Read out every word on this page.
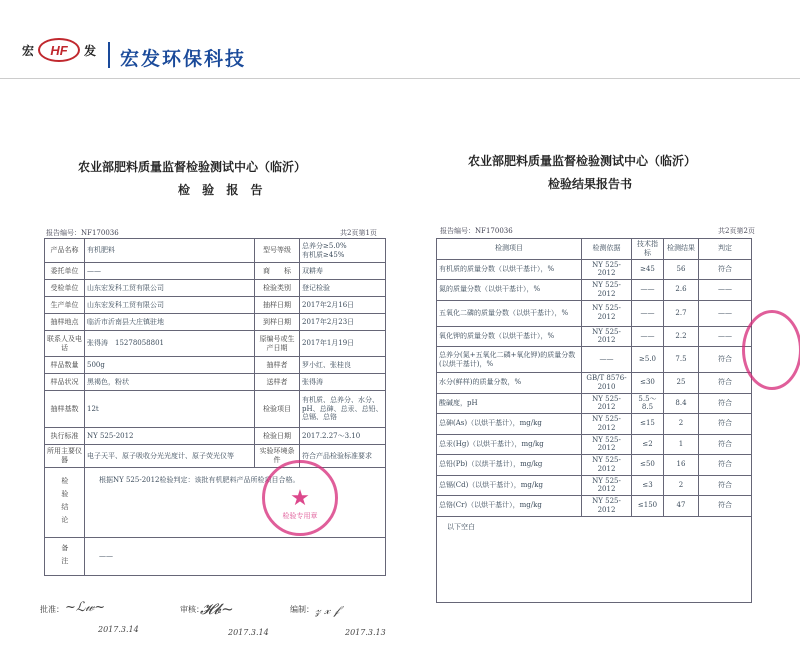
宏	HF	发 宏发环保科技
农业部肥料质量监督检验测试中心（临沂）
检 验 报 告
报告编号：NF170036	共2页第1页
产品名称	有机肥料	型号等级	总养分≥5.0%
有机质≥45%
委托单位	——	商　　标	双耕寿
受检单位	山东宏发科工贸有限公司	检验类别	登记检验
生产单位	山东宏发科工贸有限公司	抽样日期	2017年2月16日
抽样地点	临沂市沂南县大庄镇驻地	到样日期	2017年2月23日
联系人及电话	张得涛　15278058801	原编号或生产日期	2017年1月19日
样品数量	500g	抽样者	罗小红、张桂良
样品状况	黑褐色，粉状	送样者	张得涛
抽样基数	12t	检验项目	有机质、总养分、水分、pH、总砷、总汞、总铅、总镉、总铬
执行标准	NY 525-2012	检验日期	2017.2.27～3.10
所用主要仪器	电子天平、原子吸收分光光度计、原子荧光仪等	实验环境条件	符合产品检验标准要求
检验结论	根据NY 525-2012检验判定：该批有机肥料产品所检项目合格。		
备注	——		
★
检验专用章
批准： ~ℒ𝓌~
2017.3.14
审核：
𝓗𝓫~
2017.3.14
编制： 𝓏 𝓍 𝒻
2017.3.13
农业部肥料质量监督检验测试中心（临沂）
检验结果报告书
报告编号：NF170036	共2页第2页
检测项目	检测依据	技术指标	检测结果	判定
有机质的质量分数（以烘干基计），%	NY 525-2012	≥45	56	符合
氮的质量分数（以烘干基计），%	NY 525-2012	——	2.6	——
五氧化二磷的质量分数（以烘干基计），%	NY 525-2012	——	2.7	——
氧化钾的质量分数（以烘干基计），%	NY 525-2012	——	2.2	——
总养分(氮+五氧化二磷+氧化钾)的质量分数(以烘干基计)，%	——	≥5.0	7.5	符合
水分(鲜样)的质量分数，%	GB/T 8576-2010	≤30	25	符合
酸碱度，pH	NY 525-2012	5.5～8.5	8.4	符合
总砷(As)（以烘干基计），mg/kg	NY 525-2012	≤15	2	符合
总汞(Hg)（以烘干基计），mg/kg	NY 525-2012	≤2	1	符合
总铅(Pb)（以烘干基计），mg/kg	NY 525-2012	≤50	16	符合
总镉(Cd)（以烘干基计），mg/kg	NY 525-2012	≤3	2	符合
总铬(Cr)（以烘干基计），mg/kg	NY 525-2012	≤150	47	符合
以下空白				
